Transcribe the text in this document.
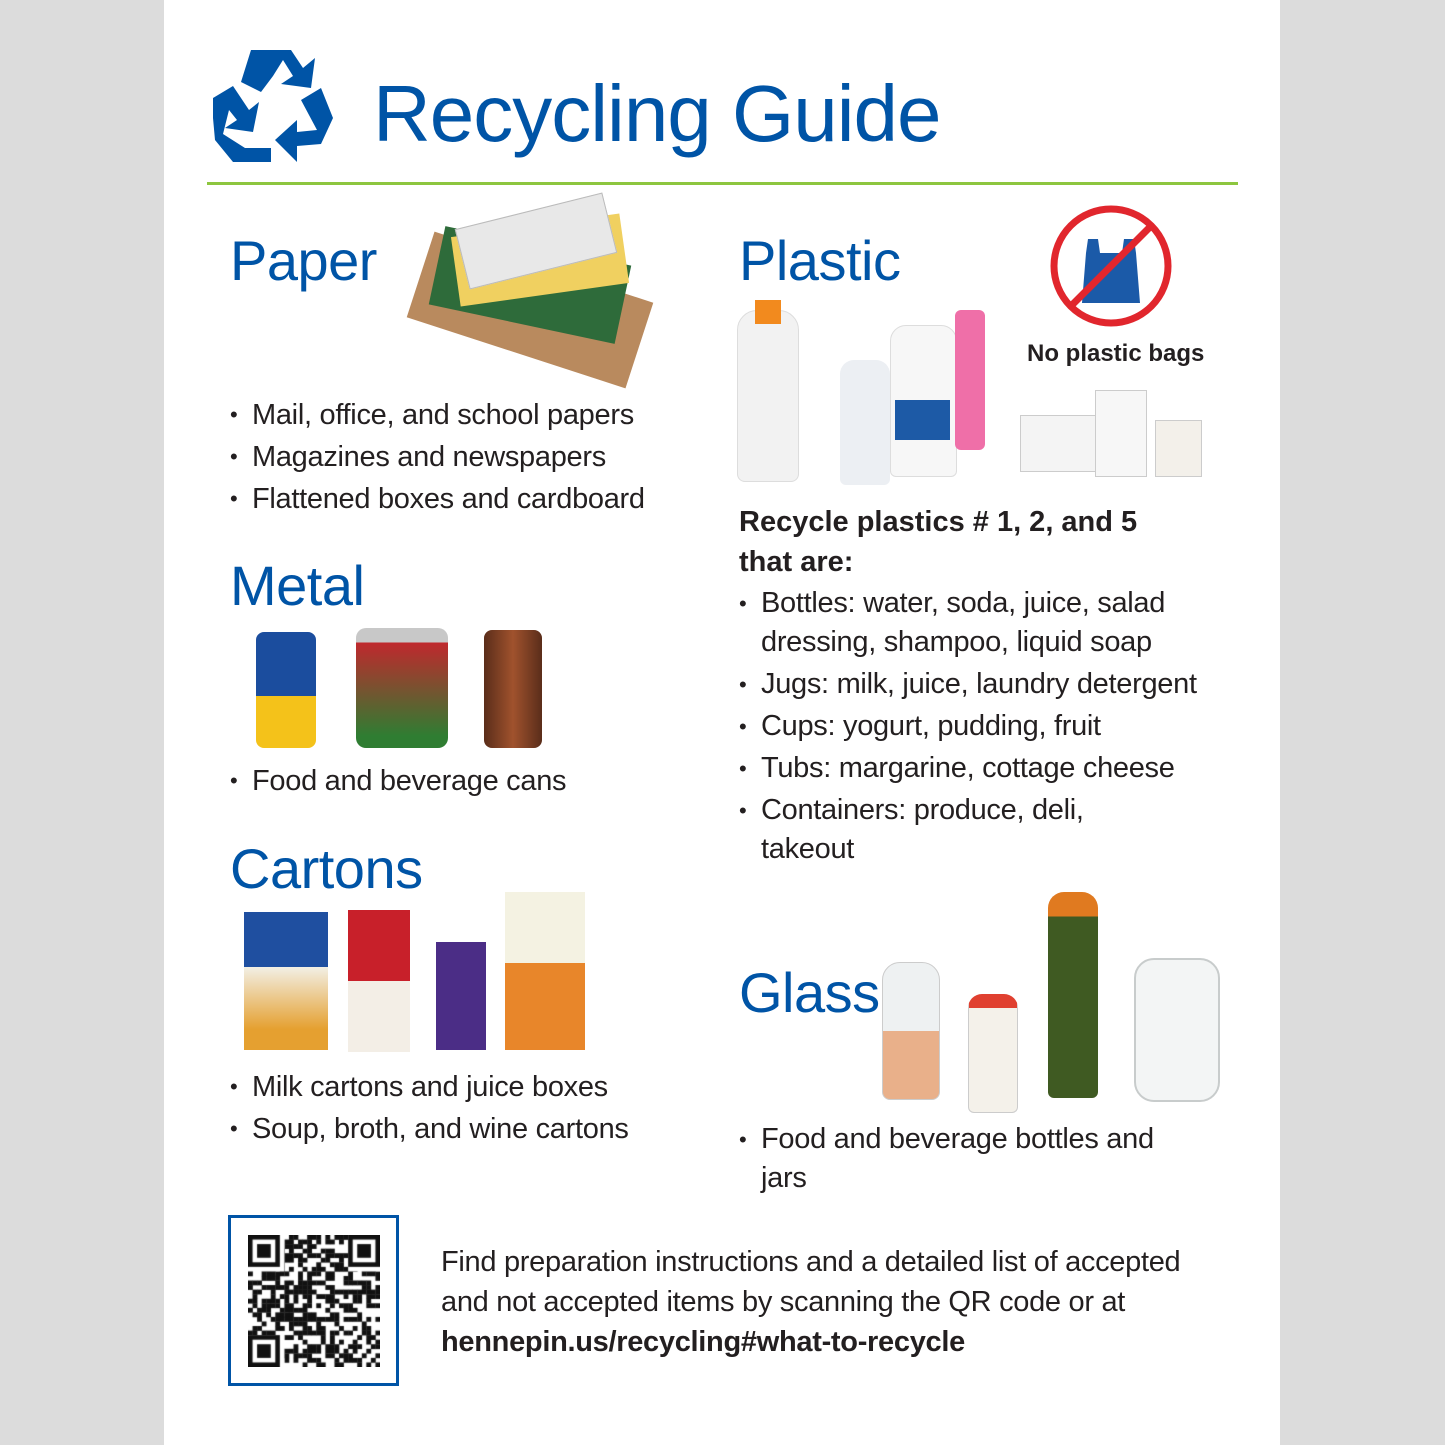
Recycling Guide
Paper
• Mail, office, and school papers
• Magazines and newspapers
• Flattened boxes and cardboard
Metal
• Food and beverage cans
Cartons
• Milk cartons and juice boxes
• Soup, broth, and wine cartons
Plastic
No plastic bags
Recycle plastics # 1, 2, and 5
that are:
• Bottles: water, soda, juice, salad dressing, shampoo, liquid soap
• Jugs: milk, juice, laundry detergent
• Cups: yogurt, pudding, fruit
• Tubs: margarine, cottage cheese
• Containers: produce, deli, takeout
Glass
• Food and beverage bottles and jars
Find preparation instructions and a detailed list of accepted and not accepted items by scanning the QR code or at hennepin.us/recycling#what-to-recycle
